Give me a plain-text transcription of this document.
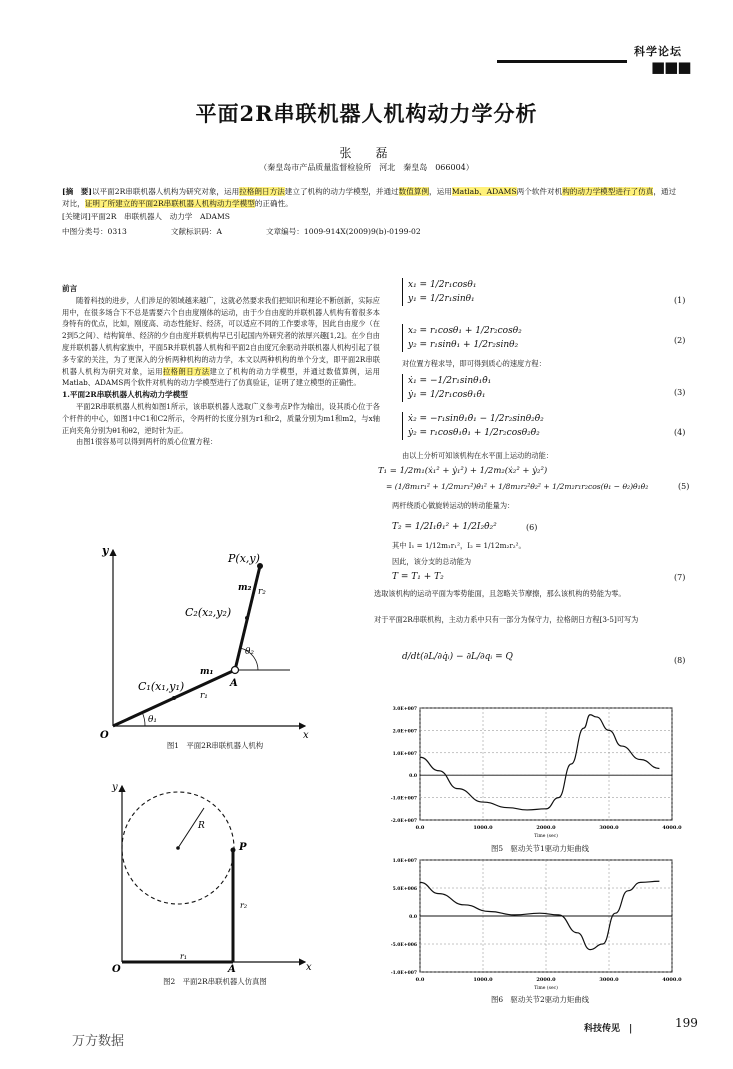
科学论坛
■■■
平面2R串联机器人机构动力学分析
张　磊
（秦皇岛市产品质量监督检验所　河北　秦皇岛　066004）
[摘　要]以平面2R串联机器人机构为研究对象，运用拉格朗日方法建立了机构的动力学模型，并通过数值算例，运用Matlab、ADAMS两个软件对机构的动力学模型进行了仿真，通过对比，证明了所建立的平面2R串联机器人机构动力学模型的正确性。
[关键词]平面2R　串联机器人　动力学　ADAMS
中图分类号：0313	文献标识码：A	文章编号：1009-914X(2009)9(b)-0199-02
前言

随着科技的进步，人们涉足的领域越来越广，这就必然要求我们把知识和理论不断创新，实际应用中，在很多场合下不总是需要六个自由度刚体的运动，由于少自由度的并联机器人机构有着很多本身特有的优点，比如，刚度高、动态性能好、经济，可以适应不同的工作要求等，因此自由度少（在2到5之间）、结构简单、经济的少自由度并联机构早已引起国内外研究者的浓厚兴趣[1,2]。在少自由度并联机器人机构家族中，平面5R并联机器人机构和平面2自由度冗余驱动并联机器人机构引起了很多专家的关注，为了更深入的分析两种机构的动力学，本文以两种机构的单个分支，即平面2R串联机器人机构为研究对象，运用拉格朗日方法建立了机构的动力学模型，并通过数值算例，运用Matlab、ADAMS两个软件对机构的动力学模型进行了仿真验证，证明了建立模型的正确性。

1.平面2R串联机器人机构动力学模型

平面2R串联机器人机构如图1所示，该串联机器人选取广义参考点P作为输出，设其质心位于各个杆件的中心，如图1中C1和C2所示，令两杆的长度分别为r1和r2，质量分别为m1和m2，与x轴正向夹角分别为θ1和θ2，逆时针为正。

由图1很容易可以得到两杆的质心位置方程：

y
x
O
P(x,y)
C₂(x₂,y₂)
C₁(x₁,y₁)
m₂ r₂
m₁
r₁
A
θ₁
θ₂
图1　平面2R串联机器人机构
y
x
O
R
P
r₁
r₂
A
图2　平面2R串联机器人仿真图
x₁ = 1/2r₁cosθ₁
y₁ = 1/2r₁sinθ₁	(1)
x₂ = r₁cosθ₁ + 1/2r₂cosθ₂
y₂ = r₁sinθ₁ + 1/2r₂sinθ₂	(2)
对位置方程求导，即可得到质心的速度方程：
ẋ₁ = −1/2r₁sinθ₁θ̇₁
ẏ₁ = 1/2r₁cosθ₁θ̇₁	(3)
ẋ₂ = −r₁sinθ₁θ̇₁ − 1/2r₂sinθ₂θ̇₂
ẏ₂ = r₁cosθ₁θ̇₁ + 1/2r₂cosθ₂θ̇₂	(4)
由以上分析可知该机构在水平面上运动的动能：
T₁ = 1/2m₁(ẋ₁² + ẏ₁²) + 1/2m₂(ẋ₂² + ẏ₂²)
= (1/8m₁r₁² + 1/2m₂r₁²)θ̇₁² + 1/8m₂r₂²θ̇₂² + 1/2m₂r₁r₂cos(θ₁ − θ₂)θ̇₁θ̇₂	(5)
两杆绕质心做旋转运动的转动能量为：
T₂ = 1/2I₁θ̇₁² + 1/2I₂θ̇₂²	(6)
其中 I₁ = 1/12m₁r₁²，I₂ = 1/12m₂r₂²。
因此，该分支的总动能为
T = T₁ + T₂	(7)
选取该机构的运动平面为零势能面，且忽略关节摩擦，那么该机构的势能为零。
对于平面2R串联机构，主动力系中只有一部分为保守力，拉格朗日方程[3-5]可写为
d/dt(∂L/∂q̇ᵢ) − ∂L/∂qᵢ = Q	(8)
0.0	1000.0	2000.0	3000.0	4000.0
3.0E+007
2.0E+007
1.0E+007
0.0
-1.0E+007
-2.0E+007
Time (sec)
图5　驱动关节1驱动力矩曲线
0.0	1000.0	2000.0	3000.0	4000.0
1.0E+007
5.0E+006
0.0
-5.0E+006
-1.0E+007
Time (sec)
图6　驱动关节2驱动力矩曲线
科技传见　|	199
万方数据
